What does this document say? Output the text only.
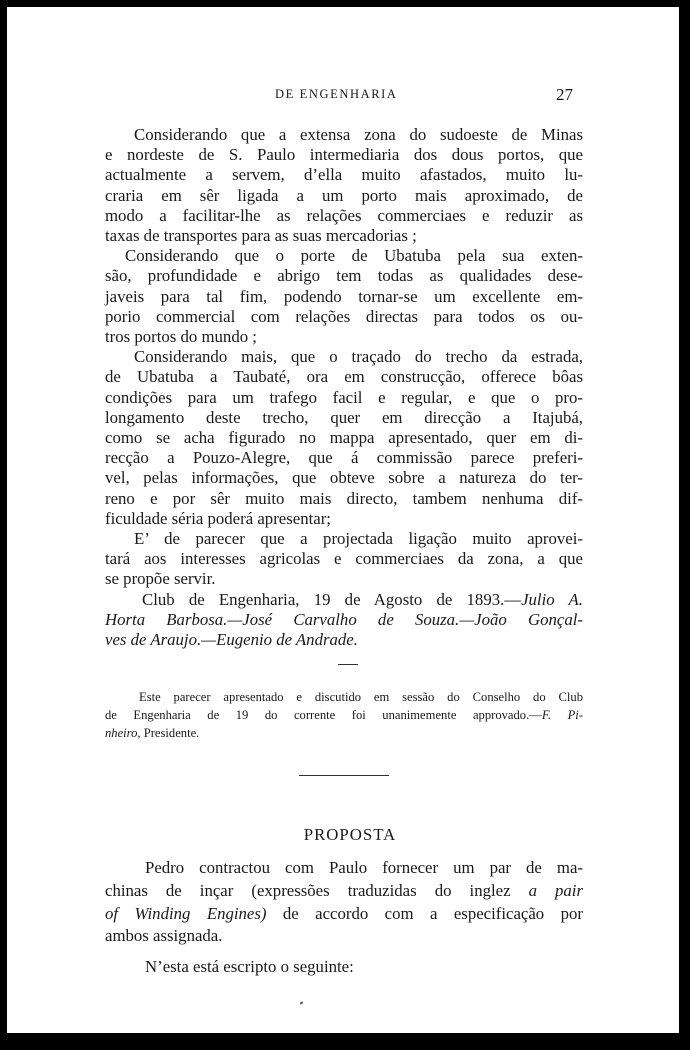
DE ENGENHARIA	27
Considerando que a extensa zona do sudoeste de Minas
e nordeste de S. Paulo intermediaria dos dous portos, que
actualmente a servem, d’ella muito afastados, muito lu-
craria em sêr ligada a um porto mais aproximado, de
modo a facilitar-lhe as relações commerciaes e reduzir as
taxas de transportes para as suas mercadorias ;
Considerando que o porte de Ubatuba pela sua exten-
são, profundidade e abrigo tem todas as qualidades dese-
javeis para tal fim, podendo tornar-se um excellente em-
porio commercial com relações directas para todos os ou-
tros portos do mundo ;
Considerando mais, que o traçado do trecho da estrada,
de Ubatuba a Taubaté, ora em construcção, offerece bôas
condições para um trafego facil e regular, e que o pro-
longamento deste trecho, quer em direcção a Itajubá,
como se acha figurado no mappa apresentado, quer em di-
recção a Pouzo-Alegre, que á commissão parece preferi-
vel, pelas informações, que obteve sobre a natureza do ter-
reno e por sêr muito mais directo, tambem nenhuma dif-
ficuldade séria poderá apresentar;
E’ de parecer que a projectada ligação muito aprovei-
tará aos interesses agricolas e commerciaes da zona, a que
se propõe servir.
Club de Engenharia, 19 de Agosto de 1893.—Julio A.
Horta Barbosa.—José Carvalho de Souza.—João Gonçal-
ves de Araujo.—Eugenio de Andrade.
Este parecer apresentado e discutido em sessão do Conselho do Club
de Engenharia de 19 do corrente foi unanimemente approvado.—F. Pi-
nheiro, Presidente.
PROPOSTA
Pedro contractou com Paulo fornecer um par de ma-
chinas de inçar (expressões traduzidas do inglez a pair
of Winding Engines) de accordo com a especificação por
ambos assignada.
N’esta está escripto o seguinte:
